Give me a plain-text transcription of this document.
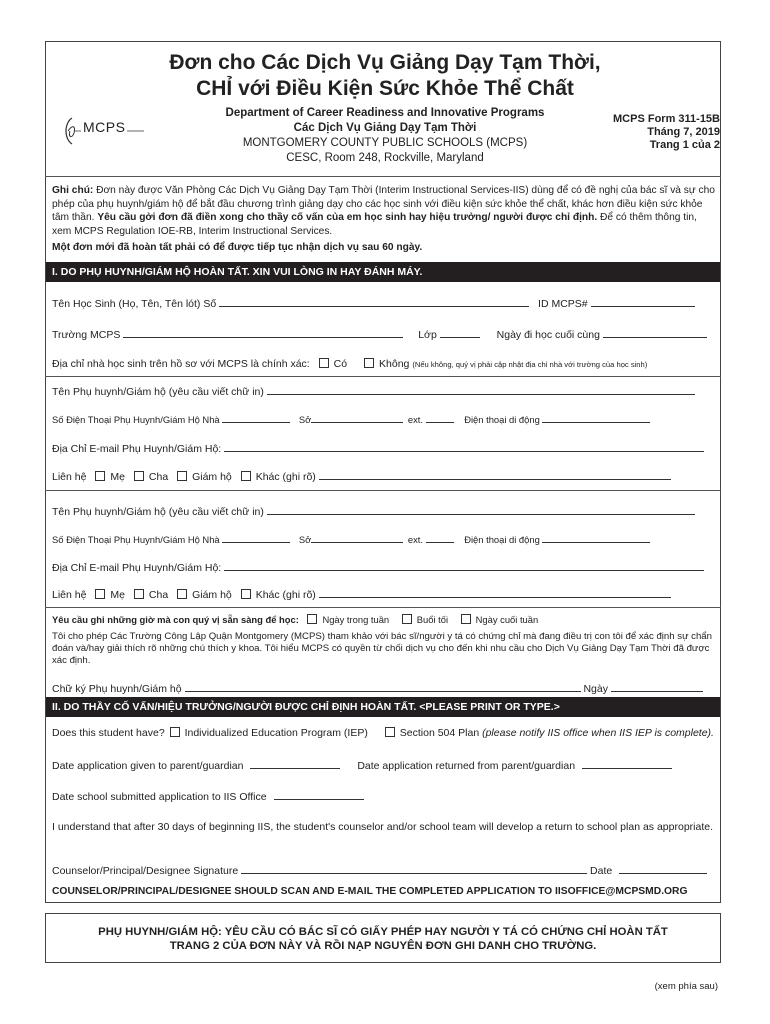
Đơn cho Các Dịch Vụ Giảng Dạy Tạm Thời,
CHỈ với Điều Kiện Sức Khỏe Thể Chất
MCPS
Department of Career Readiness and Innovative Programs
Các Dịch Vụ Giảng Dạy Tạm Thời
MONTGOMERY COUNTY PUBLIC SCHOOLS (MCPS)
CESC, Room 248, Rockville, Maryland
MCPS Form 311-15B
Tháng 7, 2019
Trang 1 của 2
Ghi chú: Đơn này được Văn Phòng Các Dịch Vụ Giảng Dạy Tạm Thời (Interim Instructional Services-IIS) dùng để có đề nghị của bác sĩ và sự cho phép của phụ huynh/giám hộ để bắt đầu chương trình giảng dạy cho các học sinh với điều kiện sức khỏe thể chất, khác hơn điều kiện sức khỏe tâm thần. Yêu cầu gởi đơn đã điền xong cho thầy cố vấn của em học sinh hay hiệu trưởng/ người được chỉ định. Để có thêm thông tin, xem MCPS Regulation IOE-RB, Interim Instructional Services.
Một đơn mới đã hoàn tất phải có để được tiếp tục nhận dịch vụ sau 60 ngày.
I. DO PHỤ HUYNH/GIÁM HỘ HOÀN TẤT. XIN VUI LÒNG IN HAY ĐÁNH MÁY.
Tên Học Sinh (Họ, Tên, Tên lót) Số	ID MCPS#
Trường MCPS	Lớp	Ngày đi học cuối cùng
Địa chỉ nhà học sinh trên hồ sơ với MCPS là chính xác: Có	Không (Nếu không, quý vị phải cập nhật địa chỉ nhà với trường của học sinh)
Tên Phụ huynh/Giám hộ (yêu cầu viết chữ in)
Số Điện Thoại Phụ Huynh/Giám Hộ Nhà	Sở	ext.	Điện thoại di động
Địa Chỉ E-mail Phụ Huynh/Giám Hộ:
Liên hệ Mẹ Cha Giám hộ Khác (ghi rõ)
Tên Phụ huynh/Giám hộ (yêu cầu viết chữ in)
Số Điện Thoại Phụ Huynh/Giám Hộ Nhà	Sở	ext.	Điện thoại di động
Địa Chỉ E-mail Phụ Huynh/Giám Hộ:
Liên hệ Mẹ Cha Giám hộ Khác (ghi rõ)
Yêu cầu ghi những giờ mà con quý vị sẵn sàng để học:	Ngày trong tuần	Buổi tối	Ngày cuối tuần
Tôi cho phép Các Trường Công Lập Quận Montgomery (MCPS) tham khảo với bác sĩ/người y tá có chứng chỉ mà đang điều trị con tôi để xác định sự chẩn đoán và/hay giải thích rõ những chú thích y khoa. Tôi hiểu MCPS có quyền từ chối dịch vụ cho đến khi nhu cầu cho Dịch Vụ Giảng Dạy Tạm Thời đã được xác định.
Chữ ký Phụ huynh/Giám hộ	Ngày
II. DO THẦY CỐ VẤN/HIỆU TRƯỞNG/NGƯỜI ĐƯỢC CHỈ ĐỊNH HOÀN TẤT. <PLEASE PRINT OR TYPE.>
Does this student have? Individualized Education Program (IEP)	Section 504 Plan (please notify IIS office when IIS IEP is complete).
Date application given to parent/guardian	Date application returned from parent/guardian
Date school submitted application to IIS Office
I understand that after 30 days of beginning IIS, the student's counselor and/or school team will develop a return to school plan as appropriate.
Counselor/Principal/Designee Signature	Date
COUNSELOR/PRINCIPAL/DESIGNEE SHOULD SCAN AND E-MAIL THE COMPLETED APPLICATION TO IISOFFICE@MCPSMD.ORG
PHỤ HUYNH/GIÁM HỘ: YÊU CẦU CÓ BÁC SĨ CÓ GIẤY PHÉP HAY NGƯỜI Y TÁ CÓ CHỨNG CHỈ HOÀN TẤT
TRANG 2 CỦA ĐƠN NÀY VÀ RỒI NẠP NGUYÊN ĐƠN GHI DANH CHO TRƯỜNG.
(xem phía sau)
